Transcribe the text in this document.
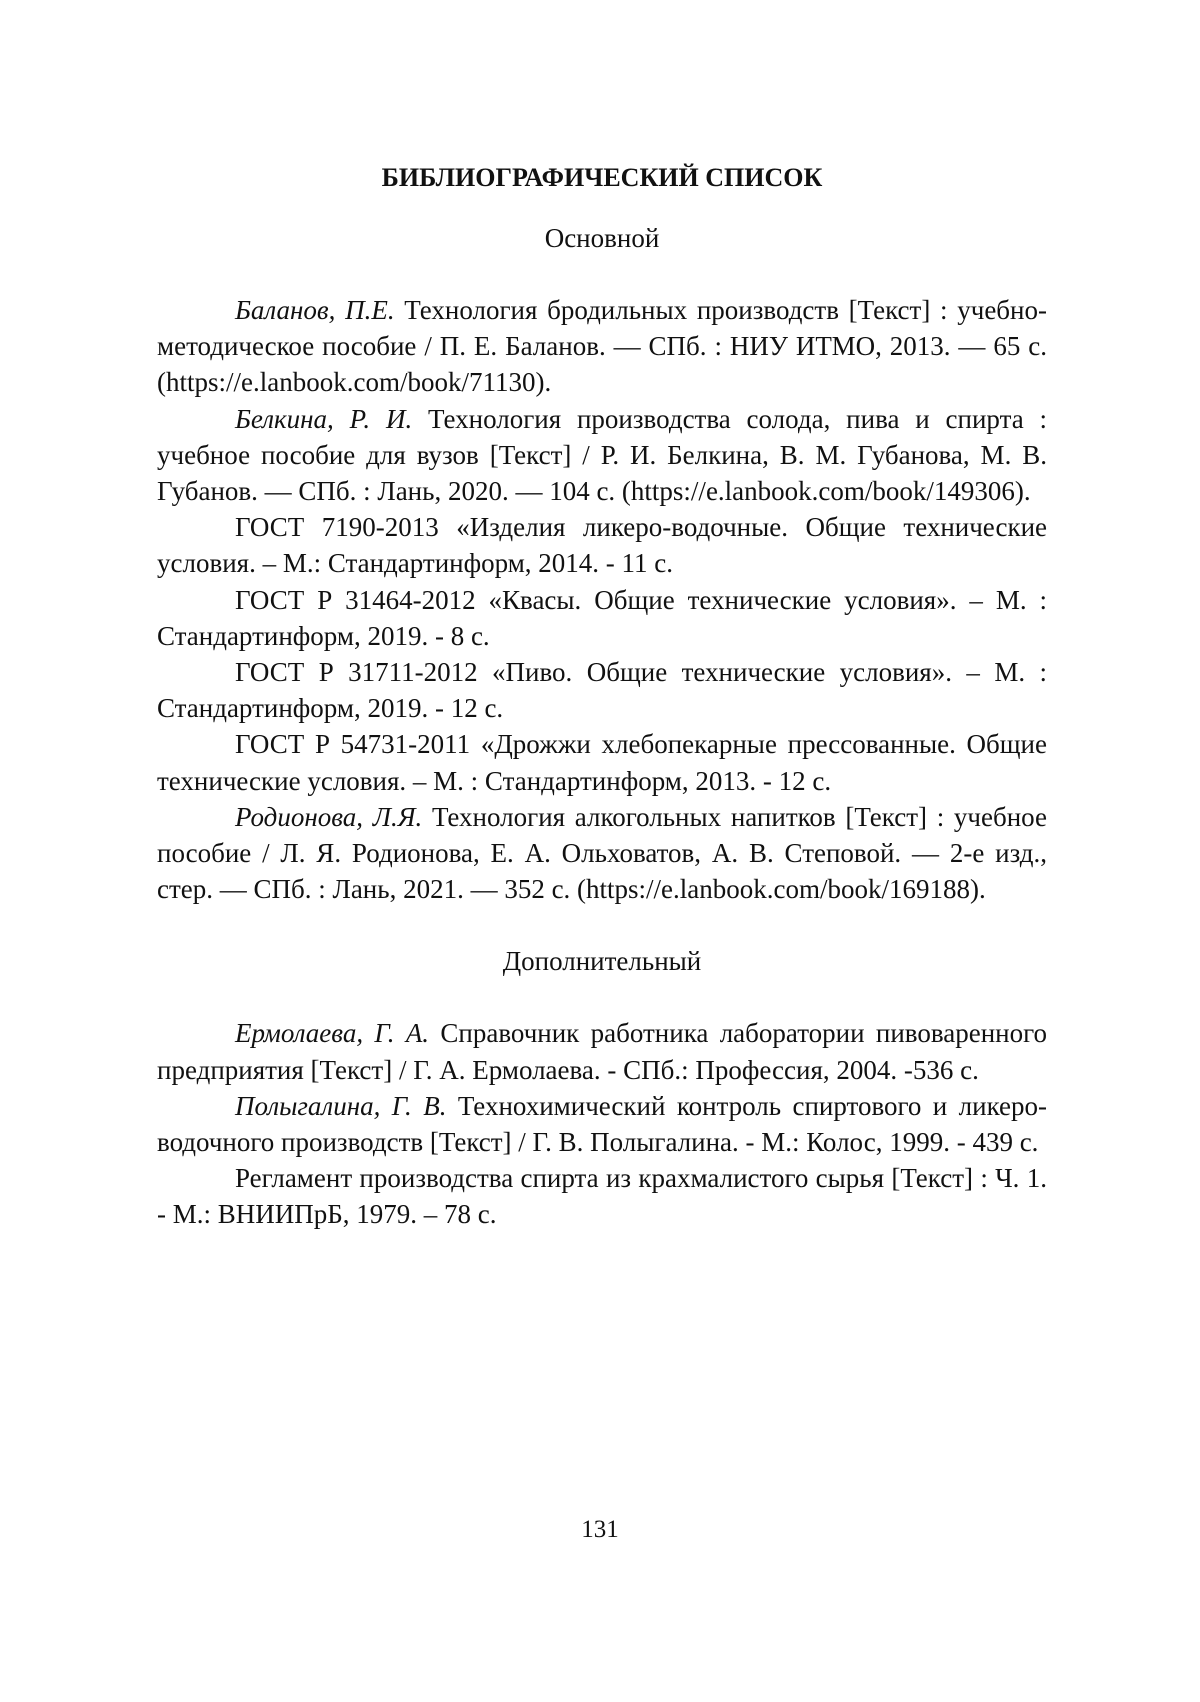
БИБЛИОГРАФИЧЕСКИЙ СПИСОК
Основной

Баланов, П.Е. Технология бродильных производств [Текст] : учебно-методическое пособие / П. Е. Баланов. — СПб. : НИУ ИТМО, 2013. — 65 с. (https://e.lanbook.com/book/71130).

Белкина, Р. И. Технология производства солода, пива и спирта : учебное пособие для вузов [Текст] / Р. И. Белкина, В. М. Губанова, М. В. Губанов. — СПб. : Лань, 2020. — 104 с. (https://e.lanbook.com/book/149306).

ГОСТ 7190-2013 «Изделия ликеро-водочные. Общие технические условия. – М.: Стандартинформ, 2014. - 11 с.

ГОСТ Р 31464-2012 «Квасы. Общие технические условия». – М. : Стандартинформ, 2019. - 8 с.

ГОСТ Р 31711-2012 «Пиво. Общие технические условия». – М. : Стандартинформ, 2019. - 12 с.

ГОСТ Р 54731-2011 «Дрожжи хлебопекарные прессованные. Общие технические условия. – М. : Стандартинформ, 2013. - 12 с.

Родионова, Л.Я. Технология алкогольных напитков [Текст] : учебное пособие / Л. Я. Родионова, Е. А. Ольховатов, А. В. Степовой. — 2-е изд., стер. — СПб. : Лань, 2021. — 352 с. (https://e.lanbook.com/book/169188).

Дополнительный

Ермолаева, Г. А. Справочник работника лаборатории пивоваренного предприятия [Текст] / Г. А. Ермолаева. - СПб.: Профессия, 2004. -536 с.

Полыгалина, Г. В. Технохимический контроль спиртового и ликеро-водочного производств [Текст] / Г. В. Полыгалина. - М.: Колос, 1999. - 439 с.

Регламент производства спирта из крахмалистого сырья [Текст] : Ч. 1. - М.: ВНИИПрБ, 1979. – 78 с.

131
